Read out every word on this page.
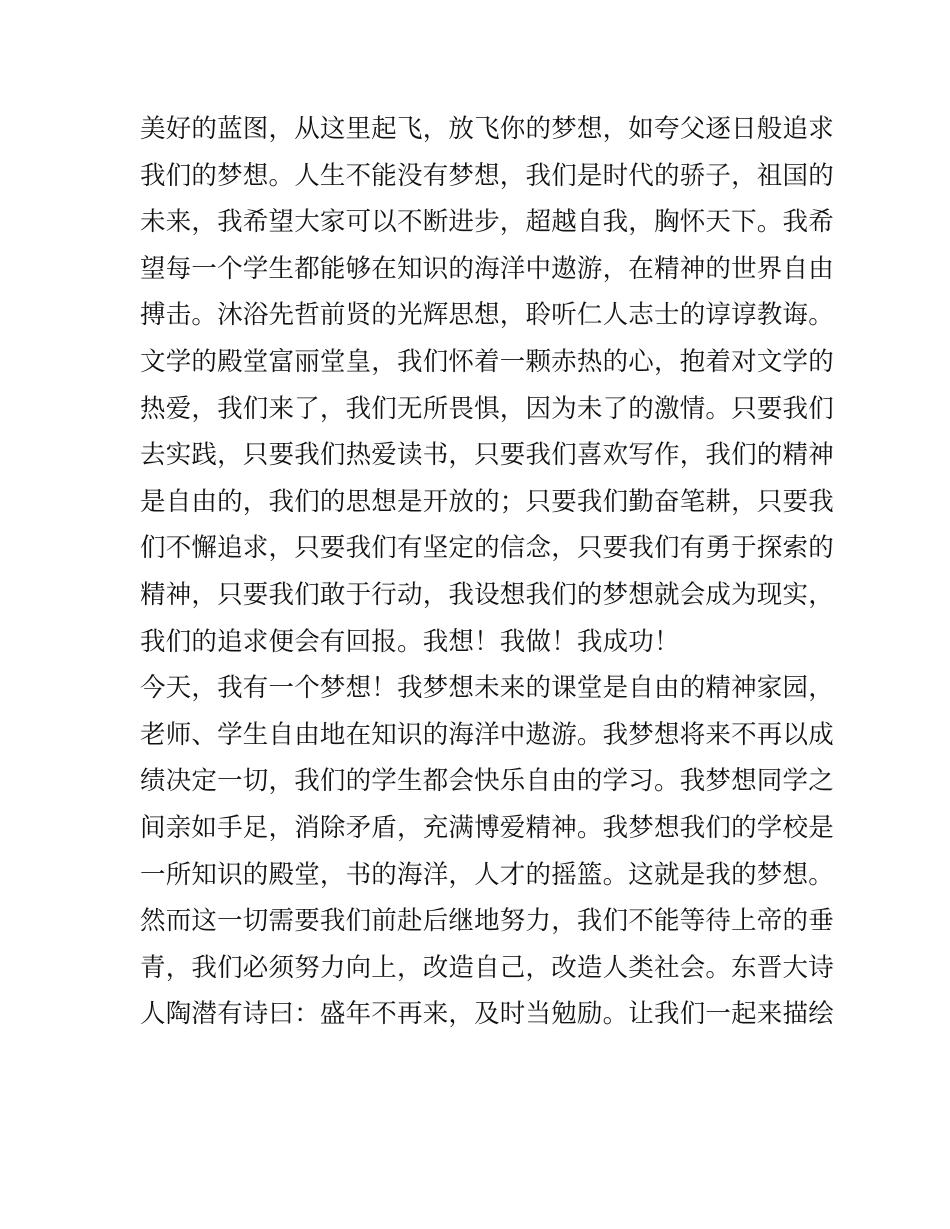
美好的蓝图，从这里起飞，放飞你的梦想，如夸父逐日般追求
我们的梦想。人生不能没有梦想，我们是时代的骄子，祖国的
未来，我希望大家可以不断进步，超越自我，胸怀天下。我希
望每一个学生都能够在知识的海洋中遨游，在精神的世界自由
搏击。沐浴先哲前贤的光辉思想，聆听仁人志士的谆谆教诲。
文学的殿堂富丽堂皇，我们怀着一颗赤热的心，抱着对文学的
热爱，我们来了，我们无所畏惧，因为未了的激情。只要我们
去实践，只要我们热爱读书，只要我们喜欢写作，我们的精神
是自由的，我们的思想是开放的；只要我们勤奋笔耕，只要我
们不懈追求，只要我们有坚定的信念，只要我们有勇于探索的
精神，只要我们敢于行动，我设想我们的梦想就会成为现实，
我们的追求便会有回报。我想！我做！我成功！
今天，我有一个梦想！我梦想未来的课堂是自由的精神家园，
老师、学生自由地在知识的海洋中遨游。我梦想将来不再以成
绩决定一切，我们的学生都会快乐自由的学习。我梦想同学之
间亲如手足，消除矛盾，充满博爱精神。我梦想我们的学校是
一所知识的殿堂，书的海洋，人才的摇篮。这就是我的梦想。
然而这一切需要我们前赴后继地努力，我们不能等待上帝的垂
青，我们必须努力向上，改造自己，改造人类社会。东晋大诗
人陶潜有诗曰：盛年不再来，及时当勉励。让我们一起来描绘
